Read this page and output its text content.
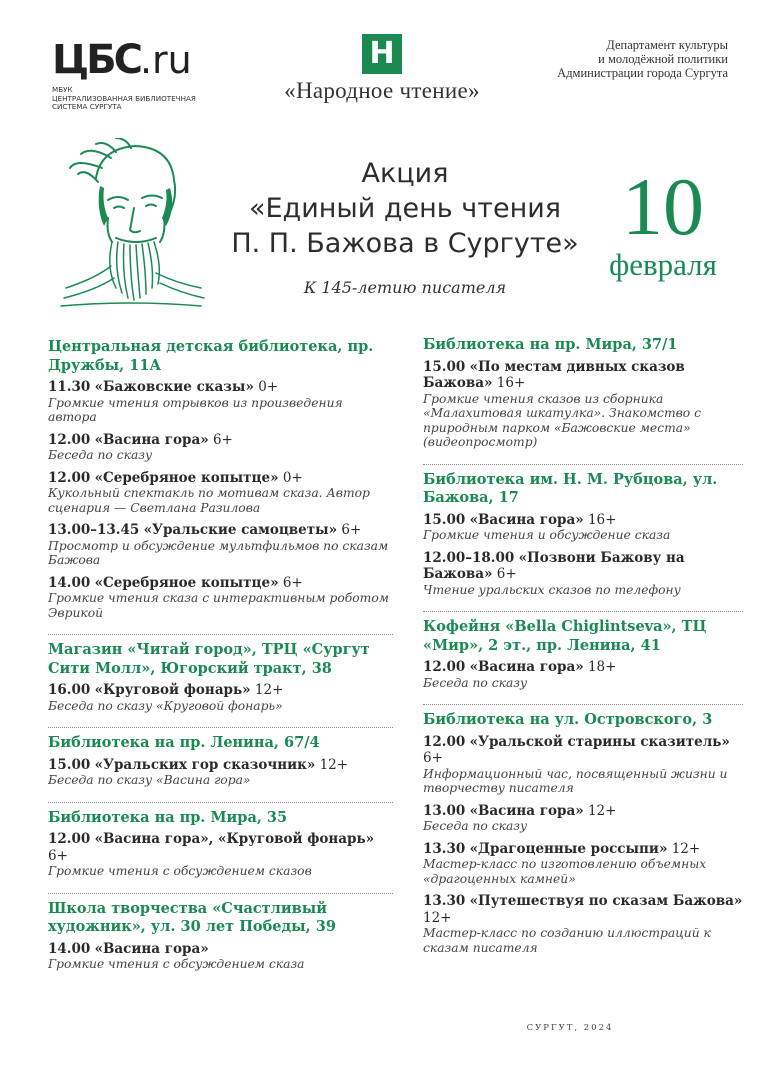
ЦБС.ru
МБУК
ЦЕНТРАЛИЗОВАННАЯ БИБЛИОТЕЧНАЯ
СИСТЕМА СУРГУТА
Н
«Народное чтение»
Департамент культуры
и молодёжной политики
Администрации города Сургута
Акция
«Единый день чтения
П. П. Бажова в Сургуте»
К 145-летию писателя
10
февраля
Центральная детская библиотека, пр. Дружбы, 11А
11.30 «Бажовские сказы» 0+
Громкие чтения отрывков из произведения автора
12.00 «Васина гора» 6+
Беседа по сказу
12.00 «Серебряное копытце» 0+
Кукольный спектакль по мотивам сказа. Автор сценария — Светлана Разилова
13.00–13.45 «Уральские самоцветы» 6+
Просмотр и обсуждение мультфильмов по сказам Бажова
14.00 «Серебряное копытце» 6+
Громкие чтения сказа с интерактивным роботом Эврикой
Магазин «Читай город», ТРЦ «Сургут Сити Молл», Югорский тракт, 38
16.00 «Круговой фонарь» 12+
Беседа по сказу «Круговой фонарь»
Библиотека на пр. Ленина, 67/4
15.00 «Уральских гор сказочник» 12+
Беседа по сказу «Васина гора»
Библиотека на пр. Мира, 35
12.00 «Васина гора», «Круговой фонарь» 6+
Громкие чтения с обсуждением сказов
Школа творчества «Счастливый художник», ул. 30 лет Победы, 39
14.00 «Васина гора»
Громкие чтения с обсуждением сказа
Библиотека на пр. Мира, 37/1
15.00 «По местам дивных сказов Бажова» 16+
Громкие чтения сказов из сборника «Малахитовая шкатулка». Знакомство с природным парком «Бажовские места» (видеопросмотр)
Библиотека им. Н. М. Рубцова, ул. Бажова, 17
15.00 «Васина гора» 16+
Громкие чтения и обсуждение сказа
12.00–18.00 «Позвони Бажову на Бажова» 6+
Чтение уральских сказов по телефону
Кофейня «Bella Chiglintseva», ТЦ «Мир», 2 эт., пр. Ленина, 41
12.00 «Васина гора» 18+
Беседа по сказу
Библиотека на ул. Островского, 3
12.00 «Уральской старины сказитель» 6+
Информационный час, посвященный жизни и творчеству писателя
13.00 «Васина гора» 12+
Беседа по сказу
13.30 «Драгоценные россыпи» 12+
Мастер-класс по изготовлению объемных «драгоценных камней»
13.30 «Путешествуя по сказам Бажова» 12+
Мастер-класс по созданию иллюстраций к сказам писателя
СУРГУТ, 2024
